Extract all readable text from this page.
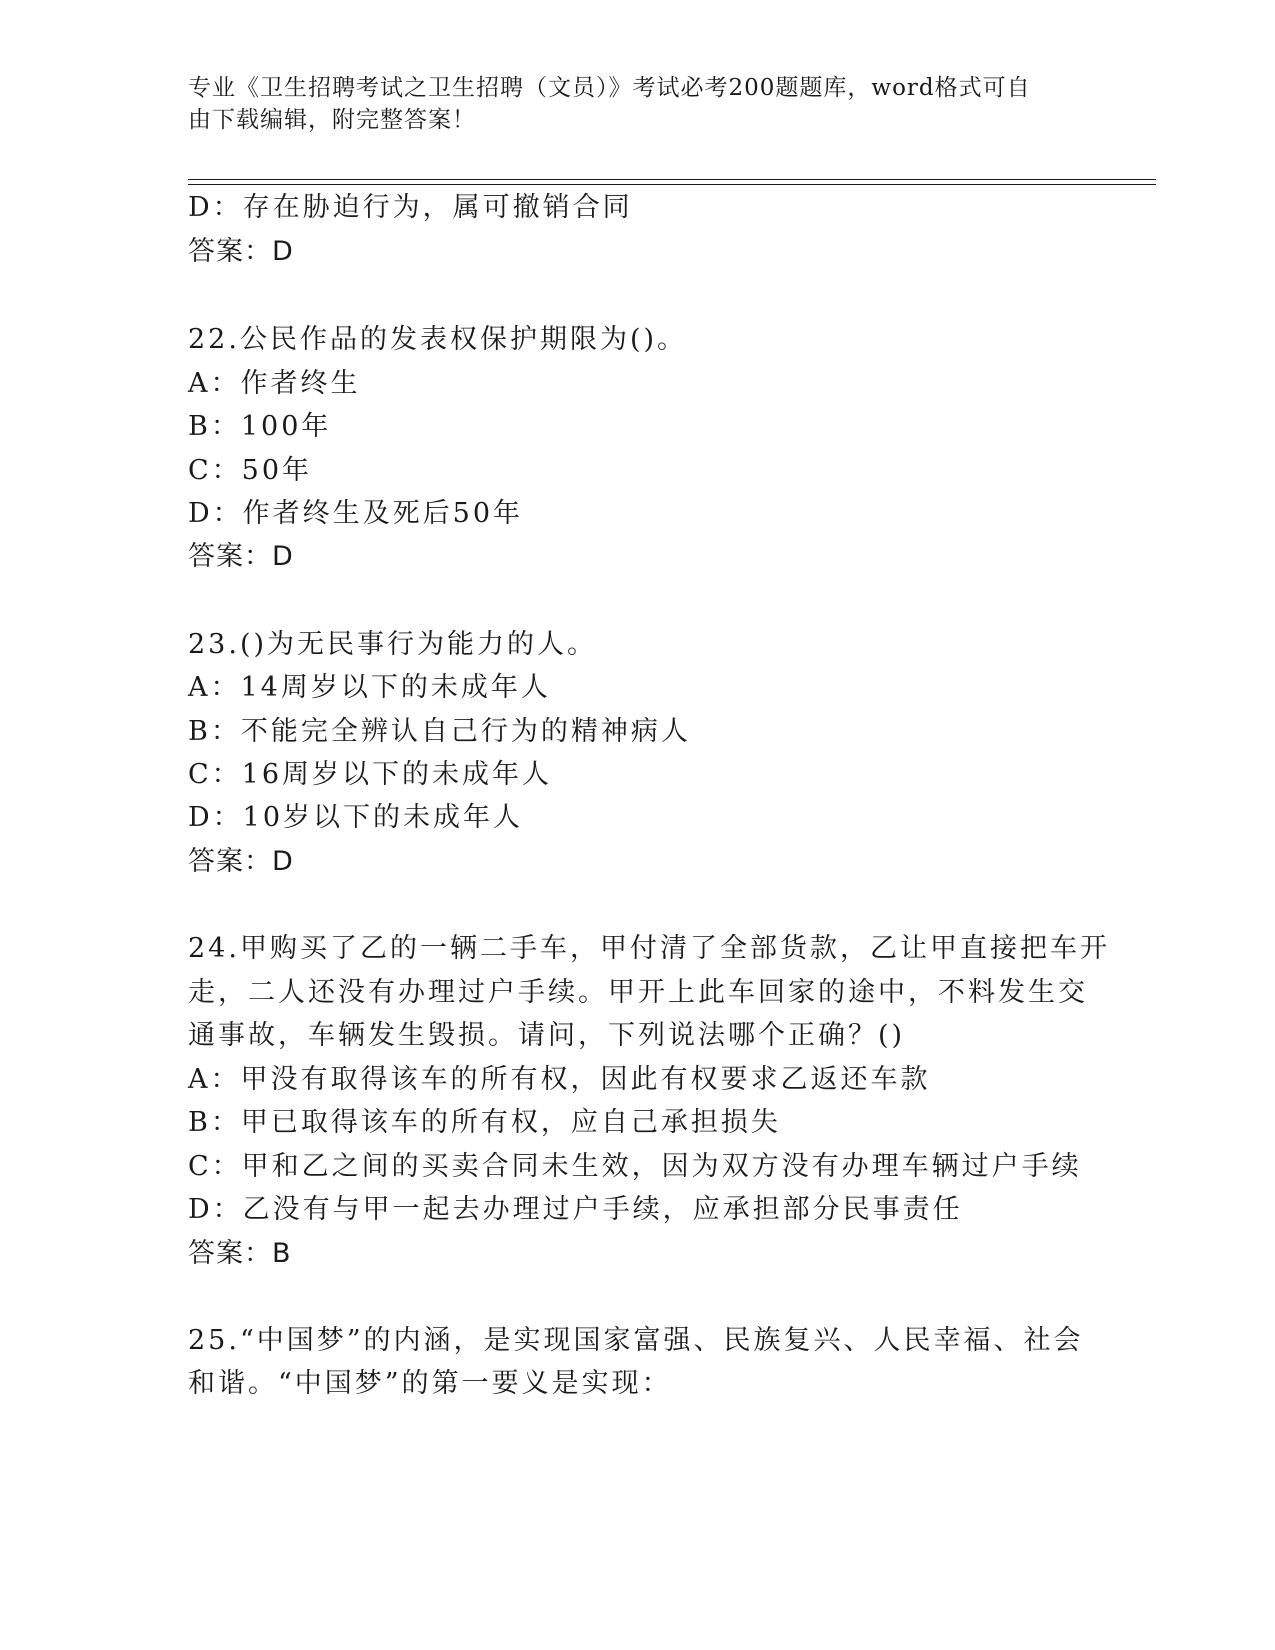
专业《卫生招聘考试之卫生招聘（文员）》考试必考200题题库，word格式可自
由下载编辑，附完整答案！
D：存在胁迫行为，属可撤销合同
答案：D
22.公民作品的发表权保护期限为()。
A：作者终生
B：100年
C：50年
D：作者终生及死后50年
答案：D
23.()为无民事行为能力的人。
A：14周岁以下的未成年人
B：不能完全辨认自己行为的精神病人
C：16周岁以下的未成年人
D：10岁以下的未成年人
答案：D
24.甲购买了乙的一辆二手车，甲付清了全部货款，乙让甲直接把车开
走，二人还没有办理过户手续。甲开上此车回家的途中，不料发生交
通事故，车辆发生毁损。请问，下列说法哪个正确？()
A：甲没有取得该车的所有权，因此有权要求乙返还车款
B：甲已取得该车的所有权，应自己承担损失
C：甲和乙之间的买卖合同未生效，因为双方没有办理车辆过户手续
D：乙没有与甲一起去办理过户手续，应承担部分民事责任
答案：B
25.“中国梦”的内涵，是实现国家富强、民族复兴、人民幸福、社会
和谐。“中国梦”的第一要义是实现：
